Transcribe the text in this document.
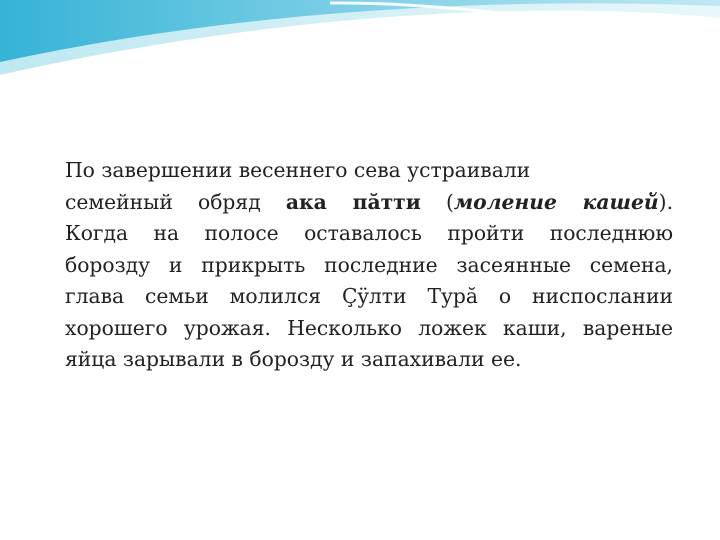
По завершении весеннего сева устраивали
семейный обряд ака пăтти (моление кашей).
Когда на полосе оставалось пройти последнюю
борозду и прикрыть последние засеянные семена,
глава семьи молился Çÿлти Турă о ниспослании
хорошего урожая. Несколько ложек каши, вареные
яйца зарывали в борозду и запахивали ее.
